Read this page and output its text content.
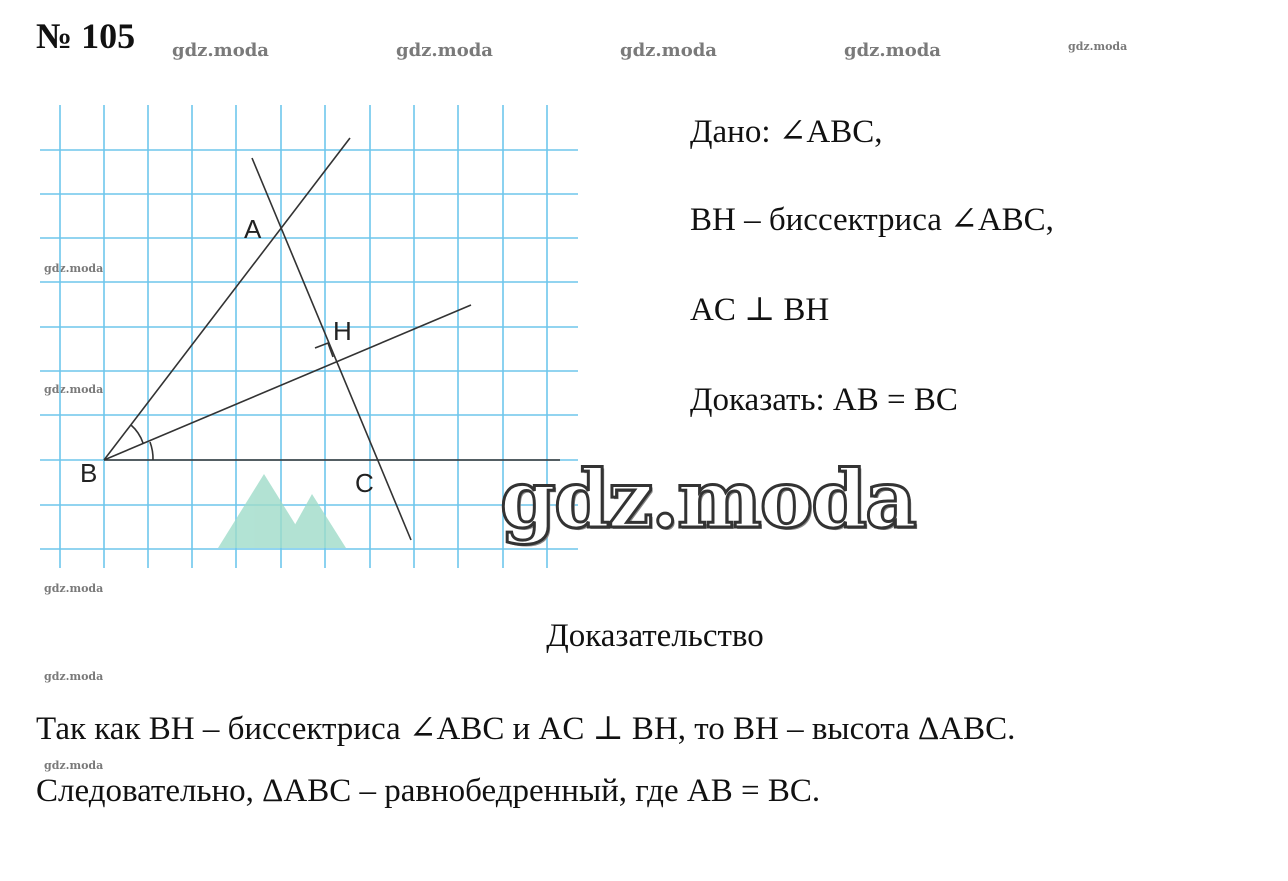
№ 105 gdz.moda	gdz.moda	gdz.moda	gdz.moda	gdz.moda
gdz.moda
gdz.moda
gdz.moda
gdz.moda
gdz.moda
A
H
B	C gdz.moda
Дано: ∠ABC,
BH – биссектриса ∠ABC,
AC ⊥ BH
Доказать: AB = BC
Доказательство
Так как BH – биссектриса ∠ABC и AC ⊥ BH, то BH – высота ΔABC.
Следовательно, ΔABC – равнобедренный, где AB = BC.
